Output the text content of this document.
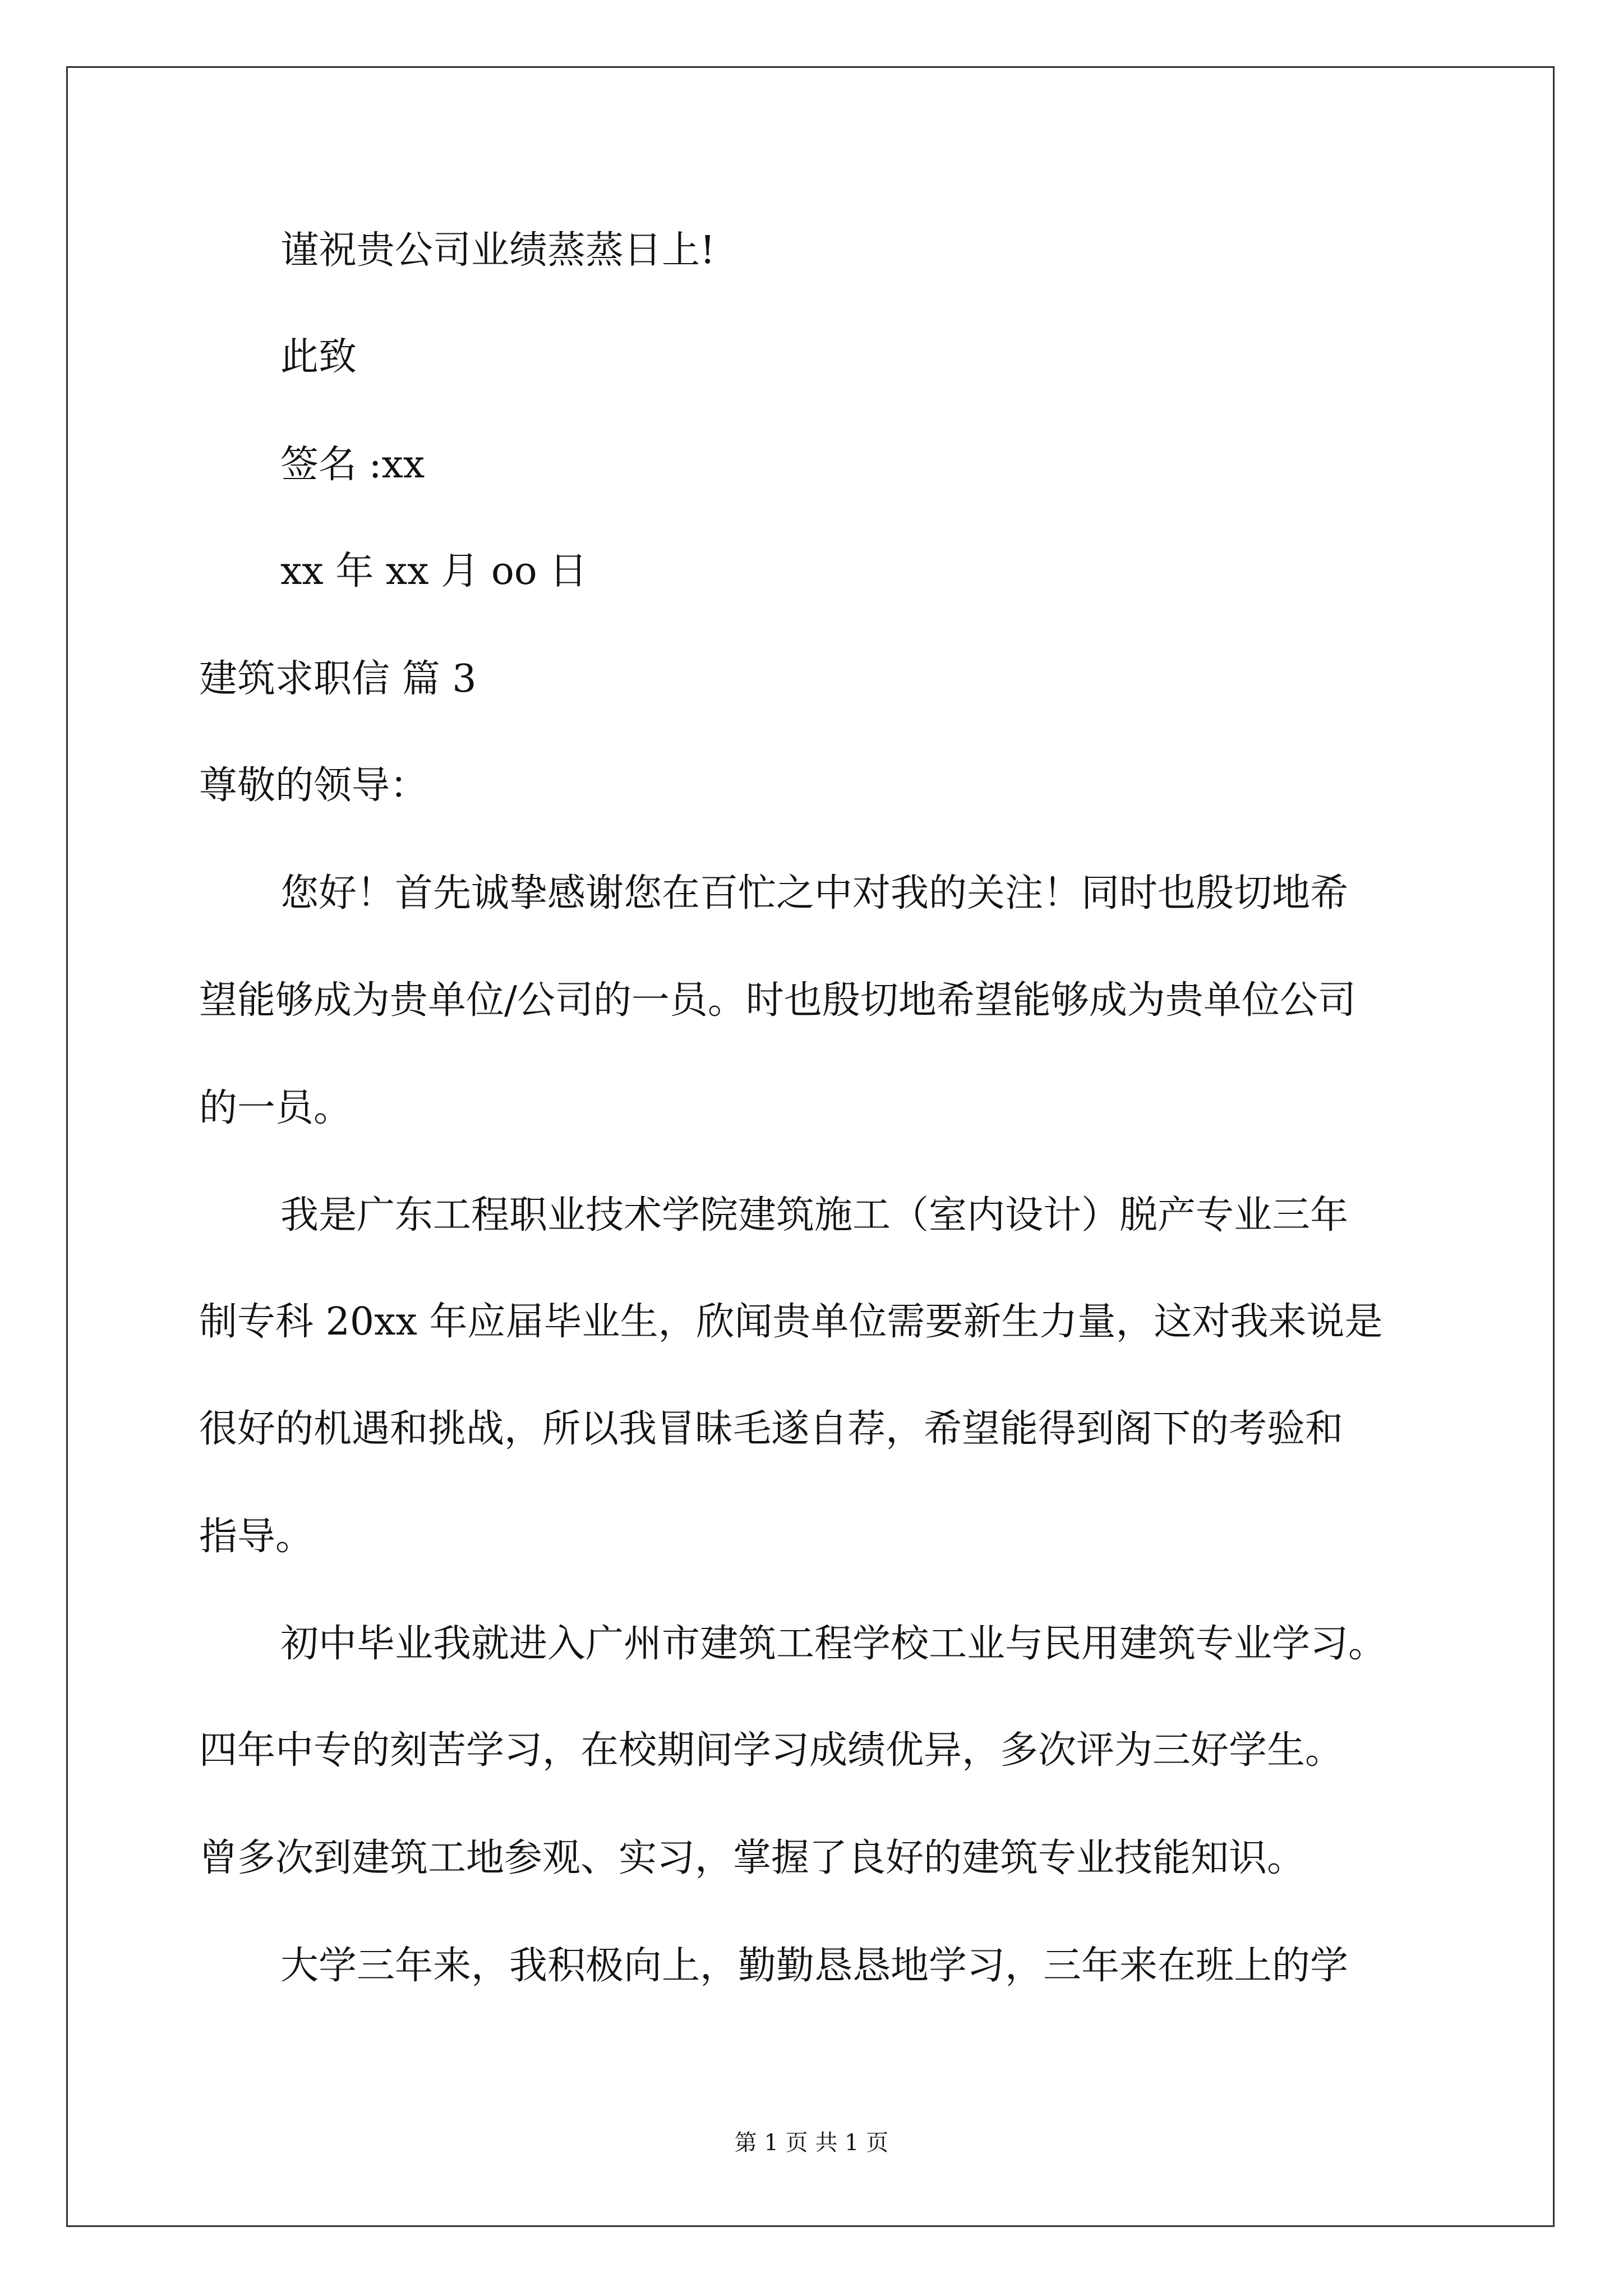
谨祝贵公司业绩蒸蒸日上!
此致
签名 :xx
xx 年 xx 月 oo 日
建筑求职信 篇 3
尊敬的领导：
您好！首先诚挚感谢您在百忙之中对我的关注！同时也殷切地希
望能够成为贵单位/公司的一员。时也殷切地希望能够成为贵单位公司
的一员。
我是广东工程职业技术学院建筑施工（室内设计）脱产专业三年
制专科 20xx 年应届毕业生，欣闻贵单位需要新生力量，这对我来说是
很好的机遇和挑战，所以我冒昧毛遂自荐，希望能得到阁下的考验和
指导。
初中毕业我就进入广州市建筑工程学校工业与民用建筑专业学习。
四年中专的刻苦学习，在校期间学习成绩优异，多次评为三好学生。
曾多次到建筑工地参观、实习，掌握了良好的建筑专业技能知识。
大学三年来，我积极向上，勤勤恳恳地学习，三年来在班上的学
第 1 页 共 1 页
